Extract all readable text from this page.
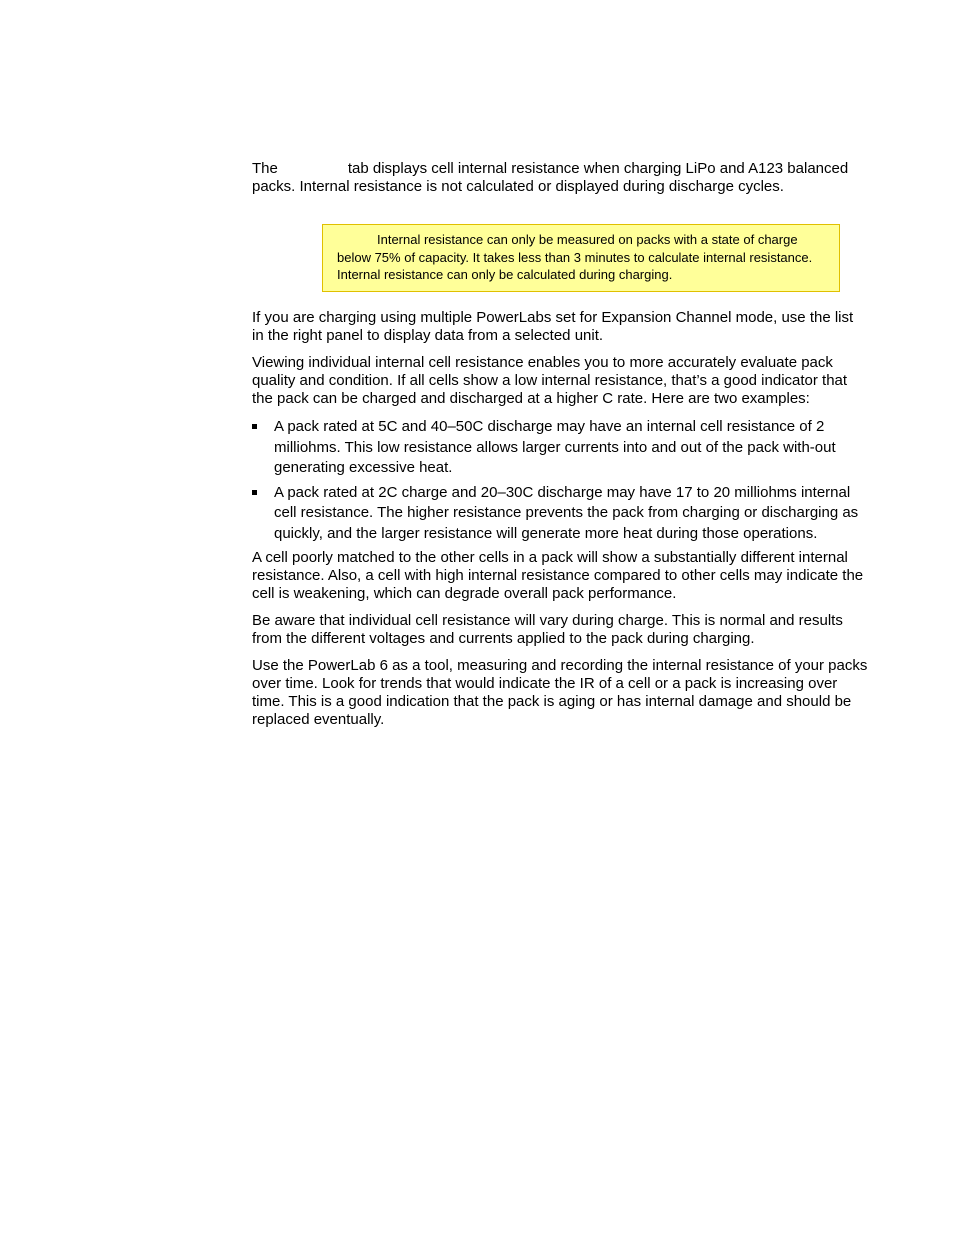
The	tab displays cell internal resistance when charging LiPo and A123 balanced packs. Internal resistance is not calculated or displayed during discharge cycles.

Internal resistance can only be measured on packs with a state of charge below 75% of capacity. It takes less than 3 minutes to calculate internal resistance. Internal resistance can only be calculated during charging.

If you are charging using multiple PowerLabs set for Expansion Channel mode, use the list in the right panel to display data from a selected unit.

Viewing individual internal cell resistance enables you to more accurately evaluate pack quality and condition. If all cells show a low internal resistance, that’s a good indicator that the pack can be charged and discharged at a higher C rate. Here are two examples:

A pack rated at 5C and 40–50C discharge may have an internal cell resistance of 2 milliohms. This low resistance allows larger currents into and out of the pack with-out generating excessive heat.
A pack rated at 2C charge and 20–30C discharge may have 17 to 20 milliohms internal cell resistance. The higher resistance prevents the pack from charging or discharging as quickly, and the larger resistance will generate more heat during those operations.

A cell poorly matched to the other cells in a pack will show a substantially different internal resistance. Also, a cell with high internal resistance compared to other cells may indicate the cell is weakening, which can degrade overall pack performance.

Be aware that individual cell resistance will vary during charge. This is normal and results from the different voltages and currents applied to the pack during charging.

Use the PowerLab 6 as a tool, measuring and recording the internal resistance of your packs over time. Look for trends that would indicate the IR of a cell or a pack is increasing over time. This is a good indication that the pack is aging or has internal damage and should be replaced eventually.
